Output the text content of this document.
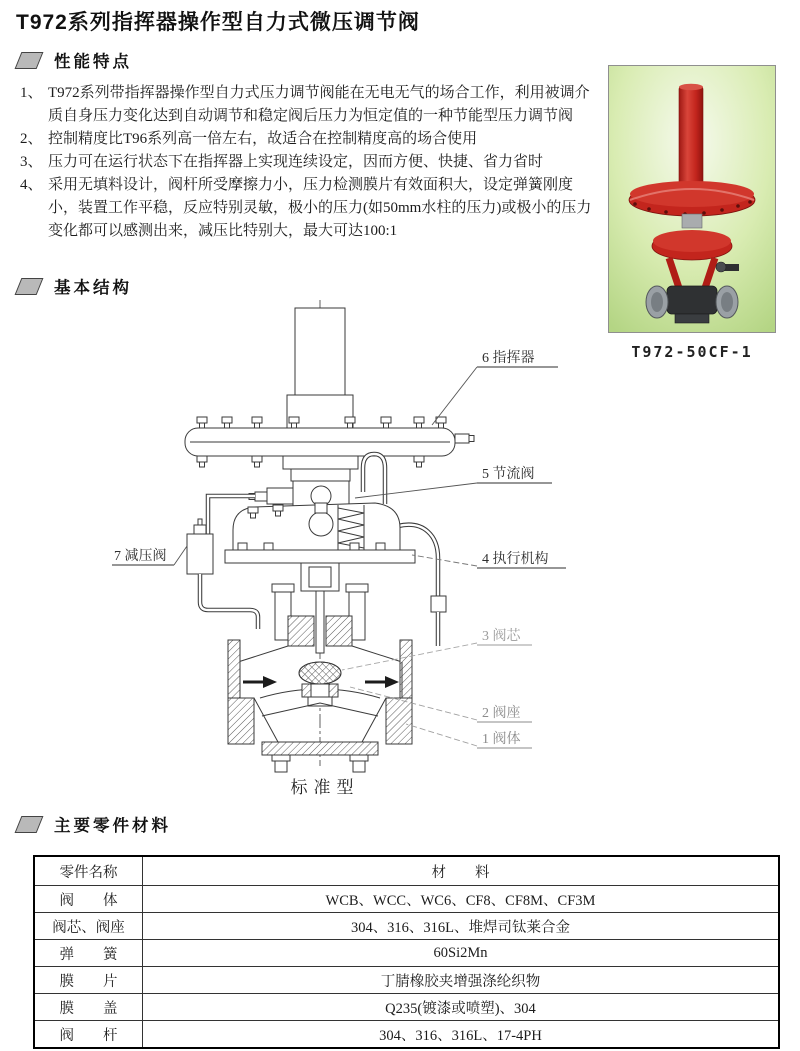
T972系列指挥器操作型自力式微压调节阀
性能特点
1、 T972系列带指挥器操作型自力式压力调节阀能在无电无气的场合工作，利用被调介质自身压力变化达到自动调节和稳定阀后压力为恒定值的一种节能型压力调节阀
2、 控制精度比T96系列高一倍左右，故适合在控制精度高的场合使用
3、 压力可在运行状态下在指挥器上实现连续设定，因而方便、快捷、省力省时
4、 采用无填料设计，阀杆所受摩擦力小，压力检测膜片有效面积大，设定弹簧刚度小，装置工作平稳，反应特别灵敏，极小的压力(如50mm水柱的压力)或极小的压力变化都可以感测出来，减压比特别大，最大可达100:1
T972-50CF-1
基本结构
6 指挥器
5 节流阀
7 减压阀	4 执行机构
3 阀芯
2 阀座
1 阀体
标准型
主要零件材料
零件名称	材　　料
阀　　体	WCB、WCC、WC6、CF8、CF8M、CF3M
阀芯、阀座	304、316、316L、堆焊司钛莱合金
弹　　簧	60Si2Mn
膜　　片	丁腈橡胶夹增强涤纶织物
膜　　盖	Q235(镀漆或喷塑)、304
阀　　杆	304、316、316L、17-4PH
